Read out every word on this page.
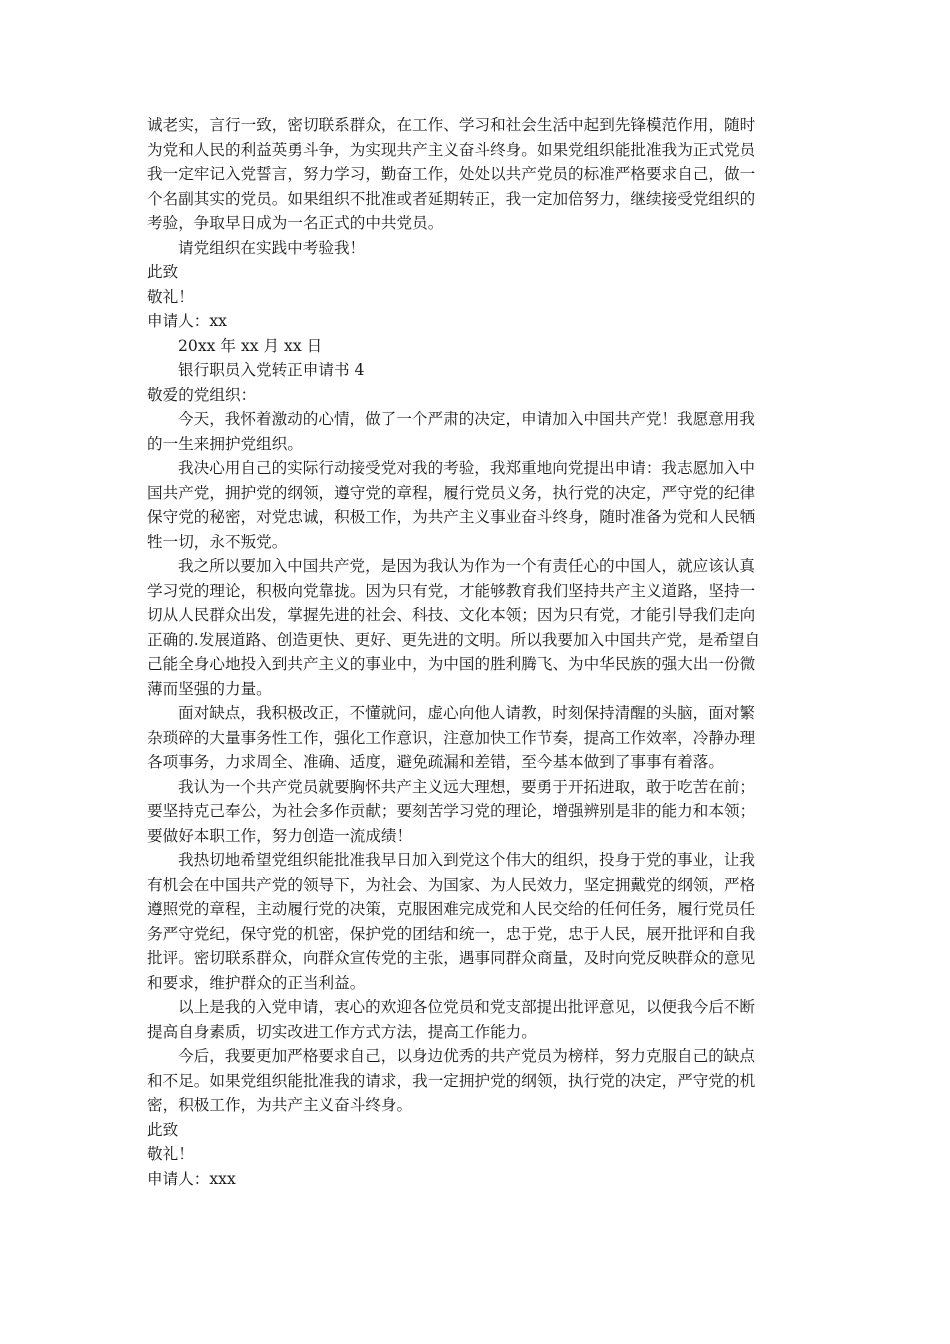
诚老实，言行一致，密切联系群众，在工作、学习和社会生活中起到先锋模范作用，随时
为党和人民的利益英勇斗争，为实现共产主义奋斗终身。如果党组织能批准我为正式党员
我一定牢记入党誓言，努力学习，勤奋工作，处处以共产党员的标准严格要求自己，做一
个名副其实的党员。如果组织不批准或者延期转正，我一定加倍努力，继续接受党组织的
考验，争取早日成为一名正式的中共党员。
请党组织在实践中考验我！
此致
敬礼！
申请人：xx
20xx 年 xx 月 xx 日
银行职员入党转正申请书 4
敬爱的党组织：
今天，我怀着激动的心情，做了一个严肃的决定，申请加入中国共产党！我愿意用我
的一生来拥护党组织。
我决心用自己的实际行动接受党对我的考验，我郑重地向党提出申请：我志愿加入中
国共产党，拥护党的纲领，遵守党的章程，履行党员义务，执行党的决定，严守党的纪律
保守党的秘密，对党忠诚，积极工作，为共产主义事业奋斗终身，随时准备为党和人民牺
牲一切，永不叛党。
我之所以要加入中国共产党，是因为我认为作为一个有责任心的中国人，就应该认真
学习党的理论，积极向党靠拢。因为只有党，才能够教育我们坚持共产主义道路，坚持一
切从人民群众出发，掌握先进的社会、科技、文化本领；因为只有党，才能引导我们走向
正确的.发展道路、创造更快、更好、更先进的文明。所以我要加入中国共产党，是希望自
己能全身心地投入到共产主义的事业中，为中国的胜利腾飞、为中华民族的强大出一份微
薄而坚强的力量。
面对缺点，我积极改正，不懂就问，虚心向他人请教，时刻保持清醒的头脑，面对繁
杂琐碎的大量事务性工作，强化工作意识，注意加快工作节奏，提高工作效率，冷静办理
各项事务，力求周全、准确、适度，避免疏漏和差错，至今基本做到了事事有着落。
我认为一个共产党员就要胸怀共产主义远大理想，要勇于开拓进取，敢于吃苦在前；
要坚持克己奉公，为社会多作贡献；要刻苦学习党的理论，增强辨别是非的能力和本领；
要做好本职工作，努力创造一流成绩！
我热切地希望党组织能批准我早日加入到党这个伟大的组织，投身于党的事业，让我
有机会在中国共产党的领导下，为社会、为国家、为人民效力，坚定拥戴党的纲领，严格
遵照党的章程，主动履行党的决策，克服困难完成党和人民交给的任何任务，履行党员任
务严守党纪，保守党的机密，保护党的团结和统一，忠于党，忠于人民，展开批评和自我
批评。密切联系群众，向群众宣传党的主张，遇事同群众商量，及时向党反映群众的意见
和要求，维护群众的正当利益。
以上是我的入党申请，衷心的欢迎各位党员和党支部提出批评意见，以便我今后不断
提高自身素质，切实改进工作方式方法，提高工作能力。
今后，我要更加严格要求自己，以身边优秀的共产党员为榜样，努力克服自己的缺点
和不足。如果党组织能批准我的请求，我一定拥护党的纲领，执行党的决定，严守党的机
密，积极工作，为共产主义奋斗终身。
此致
敬礼！
申请人：xxx
